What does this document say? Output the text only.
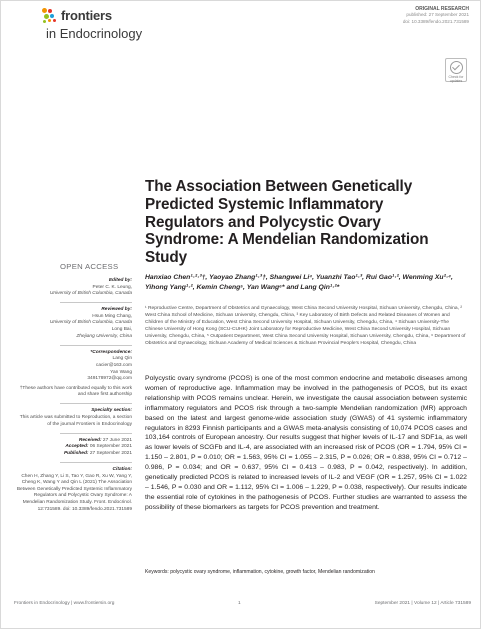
frontiers
in Endocrinology
ORIGINAL RESEARCH
published: 27 September 2021
doi: 10.3389/fendo.2021.731589
Check for updates
The Association Between Genetically Predicted Systemic Inflammatory Regulators and Polycystic Ovary Syndrome: A Mendelian Randomization Study
OPEN ACCESS
Edited by:
Peter C. K. Leung,
University of British Columbia, Canada
Reviewed by:
Hsun Ming Chang,
University of British Columbia, Canada
Long Bai,
Zhejiang University, China
*Correspondence:
Lang Qin
cacier@163.com
Yan Wang
349178972@qq.com
†These authors have contributed equally to this work and share first authorship
Specialty section:
This article was submitted to Reproduction, a section of the journal Frontiers in Endocrinology
Received: 27 June 2021
Accepted: 06 September 2021
Published: 27 September 2021
Citation:
Chen H, Zhang Y, Li S, Tao Y, Gao R, Xu W, Yang Y, Cheng K, Wang Y and Qin L (2021) The Association Between Genetically Predicted Systemic Inflammatory Regulators and Polycystic Ovary Syndrome: A Mendelian Randomization Study. Front. Endocrinol. 12:731589. doi: 10.3389/fendo.2021.731589
Hanxiao Chen¹·²·³†, Yaoyao Zhang¹·³†, Shangwei Li⁴, Yuanzhi Tao¹·³, Rui Gao¹·², Wenming Xu²·⁴, Yihong Yang¹·², Kemin Cheng⁵, Yan Wang⁶* and Lang Qin¹·²*
¹ Reproductive Centre, Department of Obstetrics and Gynaecology, West China Second University Hospital, Sichuan University, Chengdu, China, ² West China School of Medicine, Sichuan University, Chengdu, China, ³ Key Laboratory of Birth Defects and Related Diseases of Women and Children of the Ministry of Education, West China Second University Hospital, Sichuan University, Chengdu, China, ⁴ Sichuan University-The Chinese University of Hong Kong (SCU-CUHK) Joint Laboratory for Reproductive Medicine, West China Second University Hospital, Sichuan University, Chengdu, China, ⁵ Outpatient Department, West China Second University Hospital, Sichuan University, Chengdu, China, ⁶ Department of Obstetrics and Gynaecology, Sichuan Academy of Medical Sciences & Sichuan Provincial People's Hospital, Chengdu, China
Polycystic ovary syndrome (PCOS) is one of the most common endocrine and metabolic diseases among women of reproductive age. Inflammation may be involved in the pathogenesis of PCOS, but its exact relationship with PCOS remains unclear. Herein, we investigate the causal association between systemic inflammatory regulators and PCOS risk through a two-sample Mendelian randomization (MR) approach based on the latest and largest genome-wide association study (GWAS) of 41 systemic inflammatory regulators in 8293 Finnish participants and a GWAS meta-analysis consisting of 10,074 PCOS cases and 103,164 controls of European ancestry. Our results suggest that higher levels of IL-17 and SDF1a, as well as lower levels of SCGFb and IL-4, are associated with an increased risk of PCOS (OR = 1.794, 95% CI = 1.150 – 2.801, P = 0.010; OR = 1.563, 95% CI = 1.055 – 2.315, P = 0.026; OR = 0.838, 95% CI = 0.712 – 0.986, P = 0.034; and OR = 0.637, 95% CI = 0.413 – 0.983, P = 0.042, respectively). In addition, genetically predicted PCOS is related to increased levels of IL-2 and VEGF (OR = 1.257, 95% CI = 1.022 – 1.546, P = 0.030 and OR = 1.112, 95% CI = 1.006 – 1.229, P = 0.038, respectively). Our results indicate the essential role of cytokines in the pathogenesis of PCOS. Further studies are warranted to assess the possibility of these biomarkers as targets for PCOS prevention and treatment.
Keywords: polycystic ovary syndrome, inflammation, cytokine, growth factor, Mendelian randomization
Frontiers in Endocrinology | www.frontiersin.org	1	September 2021 | Volume 12 | Article 731589
